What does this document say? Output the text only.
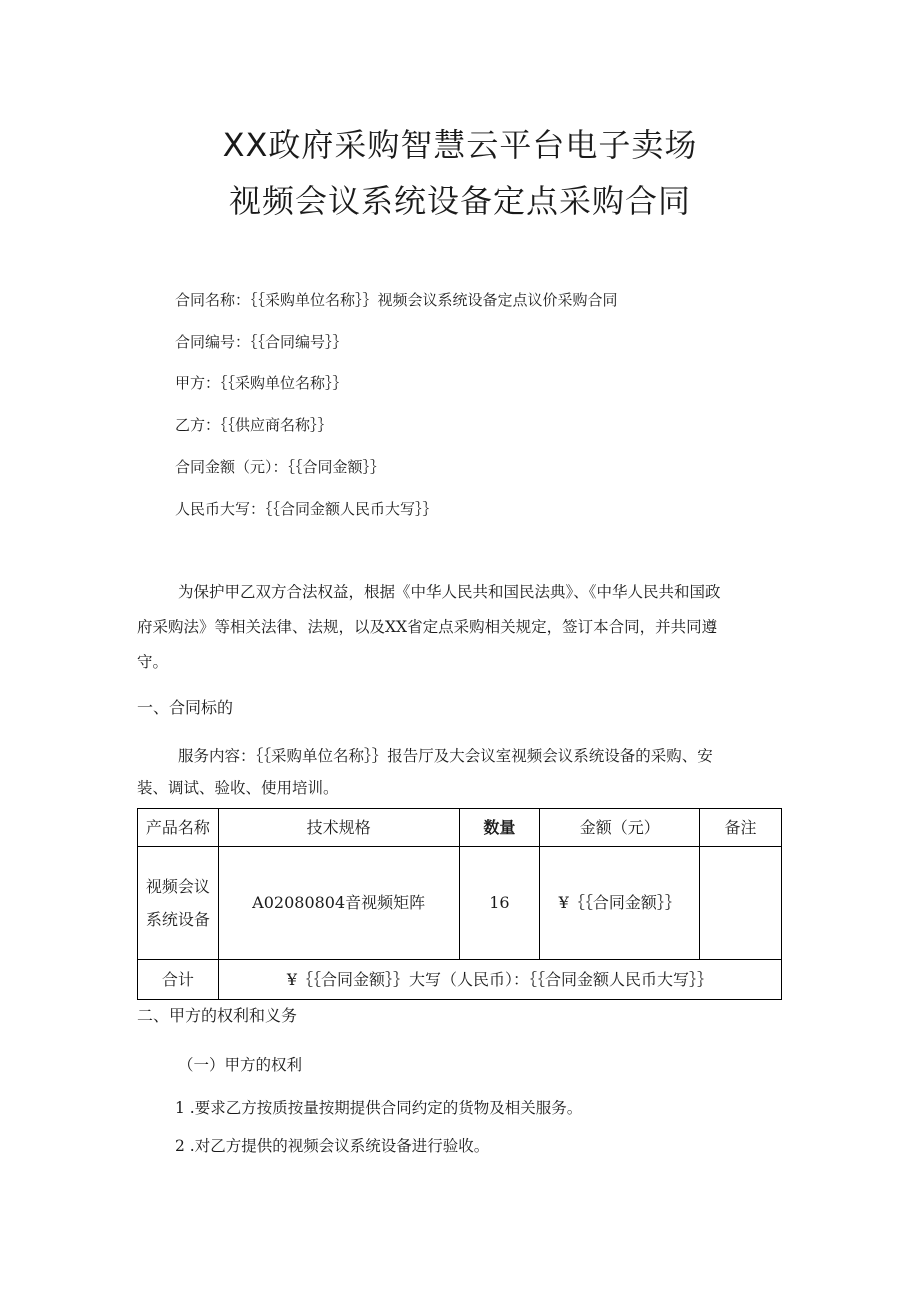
XX政府采购智慧云平台电子卖场
视频会议系统设备定点采购合同
合同名称：｛｛采购单位名称｝｝视频会议系统设备定点议价采购合同
合同编号：｛｛合同编号｝｝
甲方：｛｛采购单位名称｝｝
乙方：｛｛供应商名称｝｝
合同金额（元）：｛｛合同金额｝｝
人民币大写：｛｛合同金额人民币大写｝｝
为保护甲乙双方合法权益，根据《中华人民共和国民法典》、《中华人民共和国政
府采购法》等相关法律、法规，以及XX省定点采购相关规定，签订本合同，并共同遵
守。
一、合同标的
服务内容：｛｛采购单位名称｝｝报告厅及大会议室视频会议系统设备的采购、安
装、调试、验收、使用培训。
产品名称	技术规格	数量	金额（元）	备注

视频会议
系统设备	A02080804音视频矩阵	16	¥｛｛合同金额｝｝	
合计	¥｛｛合同金额｝｝大写（人民币）：｛｛合同金额人民币大写｝｝			
二、甲方的权利和义务
（一）甲方的权利
1 .要求乙方按质按量按期提供合同约定的货物及相关服务。
2 .对乙方提供的视频会议系统设备进行验收。
